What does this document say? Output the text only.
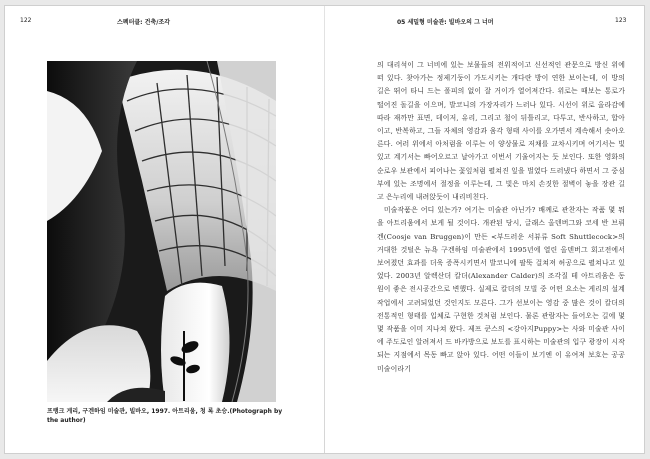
122	스펙터클: 건축/조각	05 세밀형 미술관: 빌바오의 그 너머	123
프랭크 게리, 구겐하임 미술관, 빌바오, 1997. 아트리움, 청 록 초승.(Photograph by the author)

의 대리석이 그 너비에 있는 보물들의 전위적이고 신선적인 관문으로 방신 위에 떠 있다. 찾아가는 정제기둥이 가도시키는 개다란 방이 연한 보이는데, 이 방의 길은 뛰어 타니 드는 폴피의 없이 잘 거이가 열어져간다. 위로는 때보는 통로가 떨어진 돌길을 이으며, 발코니의 가장자리가 느러나 있다. 시선이 위로 올라감에 따라 재까만 표면, 데이저, 유리, 그리고 철이 뒤틀리고, 다투고, 반사하고, 합아이고, 반복하고, 그들 자체의 영감과 움각 형태 사이를 오가면서 계속해서 솟아오른다. 여러 위에서 아처럼을 이루는 이 양상물로 저채를 교차시키며 여기서는 빛 있고 계기서는 빠어오르고 날아가고 이번서 기울어지는 듯 보인다. 또한 영화의 순로우 보관에서 피어나는 꽃잎처럼 펼쳐진 잎을 벌였다 드러냈다 하면서 그 중심부에 있는 조명에서 절정을 이루는데, 그 빛은 마치 손짓한 절벽이 놓을 장관 길고 은누리에 내려앉듯이 내리비친다.

미술작품은 어디 있는가? 여기는 미술관 아닌가? 배께로 관찬자는 작품 몇 뭐을 아트리움에서 보게 될 것이다. 개관된 당시, 글래스 올덴버그와 코세 반 브뤼겐(Coosje van Bruggen)이 만든 <부드러운 서뷰류 Soft Shuttlecock>의 거대한 것털은 뉴욕 구겐하임 미술관에서 1995년에 열린 올덴버그 회고전에서 보여졌던 효과를 더욱 증폭시키면서 발코니에 팔뚝 걸쳐져 허공으로 펼쳐나고 있었다. 2003년 알렉산더 칼더(Alexander Calder)의 조각질 테 아트리움은 동원이 좋은 전시공간으로 변했다. 실제로 칼더의 모빌 중 어떤 요소는 게리의 설계 작업에서 고려되었던 것인지도 모른다. 그가 선보이는 영감 중 많은 것이 칼더의 전통적인 형태를 입체로 구현한 것처럼 보인다. 물론 관람자는 들어오는 길에 몇몇 작품을 이미 지나쳐 왔다. 제프 쿤스의 <강아지Puppy>는 사와 미술관 사이에 주도로인 알려져서 드 바카방으로 보도를 표시하는 미술관의 입구 광장이 시작되는 지점에서 목동 빠고 앉아 있다. 어떤 이들이 보기엔 이 유여져 보호는 공공미술이라기
